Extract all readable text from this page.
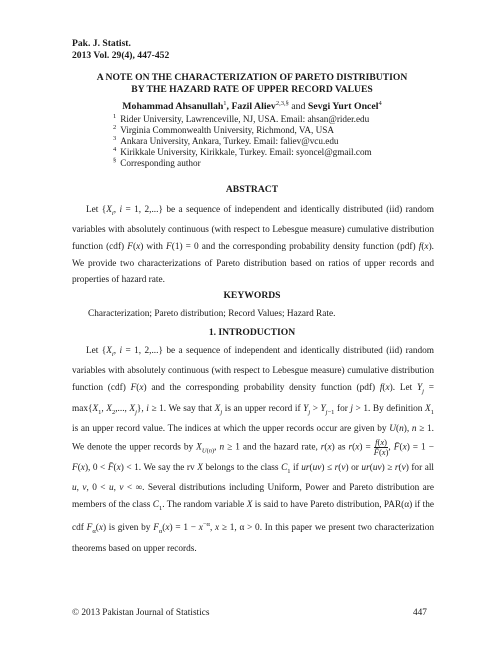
Pak. J. Statist.
2013 Vol. 29(4), 447-452
A NOTE ON THE CHARACTERIZATION OF PARETO DISTRIBUTION
BY THE HAZARD RATE OF UPPER RECORD VALUES
Mohammad Ahsanullah$^1$, Fazil Aliev$^{2,3,\S}$ and Sevgi Yurt Oncel$^4$
$^1$ Rider University, Lawrenceville, NJ, USA. Email: ahsan@rider.edu
$^2$ Virginia Commonwealth University, Richmond, VA, USA
$^3$ Ankara University, Ankara, Turkey. Email: faliev@vcu.edu
$^4$ Kirikkale University, Kirikkale, Turkey. Email: syoncel@gmail.com
§ Corresponding author
ABSTRACT
  Let {$X_i$, i = 1, 2,...} be a sequence of independent and identically distributed (iid) random variables with absolutely continuous (with respect to Lebesgue measure) cumulative distribution function (cdf) F(x) with F(1) = 0 and the corresponding probability density function (pdf) f(x). We provide two characterizations of Pareto distribution based on ratios of upper records and properties of hazard rate.
KEYWORDS
Characterization; Pareto distribution; Record Values; Hazard Rate.
1. INTRODUCTION
  Let {$X_i$, i = 1, 2,...} be a sequence of independent and identically distributed (iid) random variables with absolutely continuous (with respect to Lebesgue measure) cumulative distribution function (cdf) F(x) and the corresponding probability density function (pdf) f(x). Let $Y_j = \max\{X_1$, $X_2$,..., $X_j$}, i ≥ 1. We say that $X_j$ is an upper record if $Y_j > Y_{j-1}$ for j > 1. By definition $X_1$ is an upper record value. The indices at which the upper records occur are given by U(n), n ≥ 1. We denote the upper records by $X_{U(n)}$, n ≥ 1 and the hazard rate, r(x) as $r(x) = \frac{f(x)}{F̄(x)}$ , F̄(x) = 1 − F(x), 0 < F̄(x) < 1. We say the rv X belongs to the class $C_1$ if ur(uv) ≤ r(v) or ur(uv) ≥ r(v) for all u, v, 0 < u, v < ∞. Several distributions including Uniform, Power and Pareto distribution are members of the class $C_1$. The random variable X is said to have Pareto distribution, PAR(α) if the cdf $F_\alpha(x)$ is given by $F_\alpha(x) = 1 - x^{-\alpha}$, x ≥ 1, α > 0. In this paper we present two characterization theorems based on upper records.
© 2013 Pakistan Journal of Statistics	447
